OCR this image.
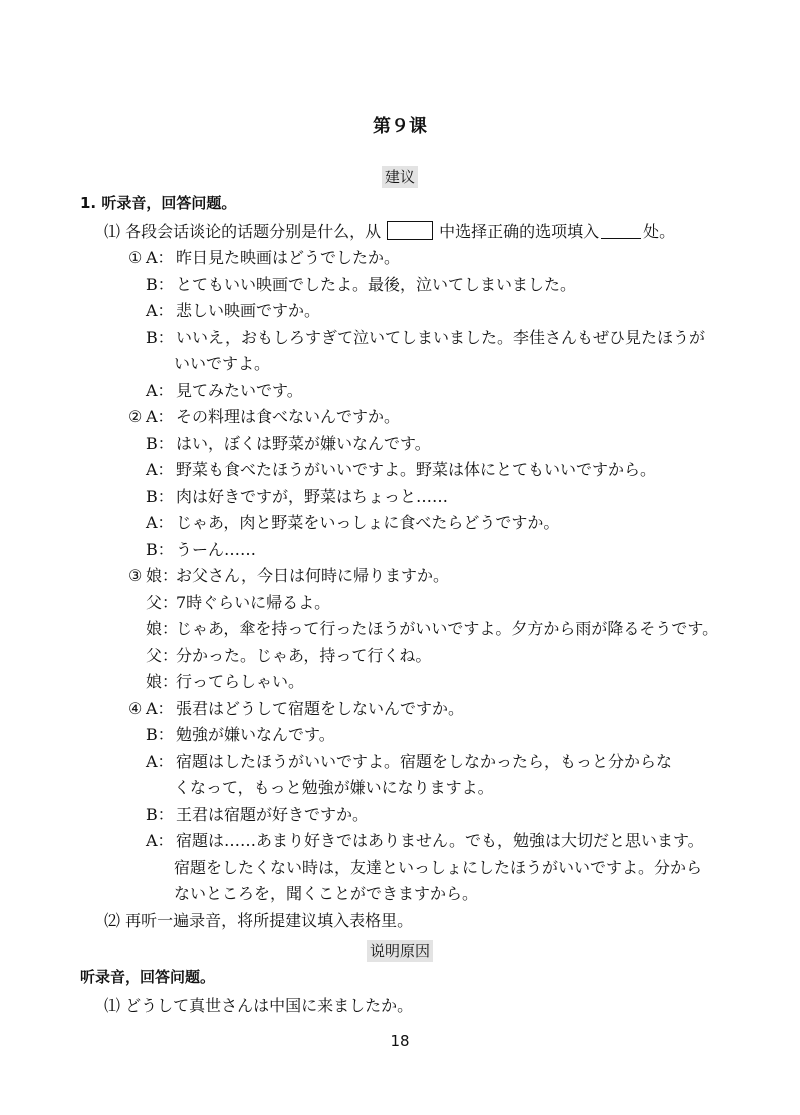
第９课
建议
1. 听录音，回答问题。
⑴ 各段会话谈论的话题分别是什么，从	中选择正确的选项填入	处。
① A： 昨日見た映画はどうでしたか。
B： とてもいい映画でしたよ。最後，泣いてしまいました。
A： 悲しい映画ですか。
B： いいえ，おもしろすぎて泣いてしまいました。李佳さんもぜひ見たほうが
いいですよ。
A： 見てみたいです。
② A： その料理は食べないんですか。
B： はい，ぼくは野菜が嫌いなんです。
A： 野菜も食べたほうがいいですよ。野菜は体にとてもいいですから。
B： 肉は好きですが，野菜はちょっと……
A： じゃあ，肉と野菜をいっしょに食べたらどうですか。
B： うーん……
③ 娘：
お父さん，今日は何時に帰りますか。
父：
7時ぐらいに帰るよ。
娘：
じゃあ，傘を持って行ったほうがいいですよ。夕方から雨が降るそうです。
父：
分かった。じゃあ，持って行くね。
娘：
行ってらしゃい。
④ A： 張君はどうして宿題をしないんですか。
B： 勉強が嫌いなんです。
A： 宿題はしたほうがいいですよ。宿題をしなかったら，もっと分からな
くなって，もっと勉強が嫌いになりますよ。
B： 王君は宿題が好きですか。
A： 宿題は……あまり好きではありません。でも，勉強は大切だと思います。
宿題をしたくない時は，友達といっしょにしたほうがいいですよ。分から
ないところを，聞くことができますから。
⑵ 再听一遍录音，将所提建议填入表格里。
说明原因
听录音，回答问题。
⑴ どうして真世さんは中国に来ましたか。
18
